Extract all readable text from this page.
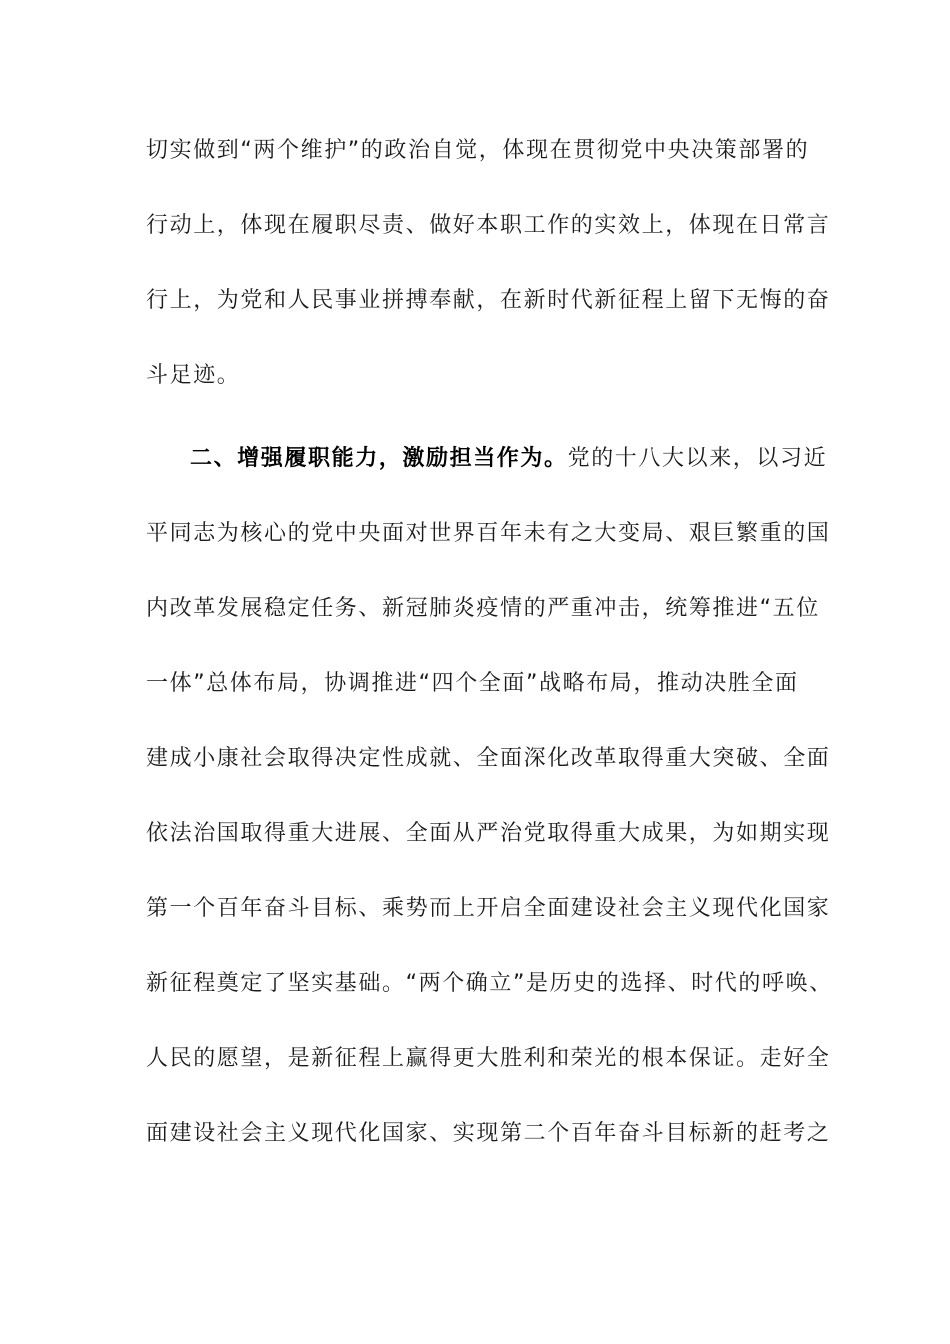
切实做到“两个维护”的政治自觉，体现在贯彻党中央决策部署的
行动上，体现在履职尽责、做好本职工作的实效上，体现在日常言
行上，为党和人民事业拼搏奉献，在新时代新征程上留下无悔的奋
斗足迹。
二、增强履职能力，激励担当作为。党的十八大以来，以习近
平同志为核心的党中央面对世界百年未有之大变局、艰巨繁重的国
内改革发展稳定任务、新冠肺炎疫情的严重冲击，统筹推进“五位
一体”总体布局，协调推进“四个全面”战略布局，推动决胜全面
建成小康社会取得决定性成就、全面深化改革取得重大突破、全面
依法治国取得重大进展、全面从严治党取得重大成果，为如期实现
第一个百年奋斗目标、乘势而上开启全面建设社会主义现代化国家
新征程奠定了坚实基础。“两个确立”是历史的选择、时代的呼唤、
人民的愿望，是新征程上赢得更大胜利和荣光的根本保证。走好全
面建设社会主义现代化国家、实现第二个百年奋斗目标新的赶考之
